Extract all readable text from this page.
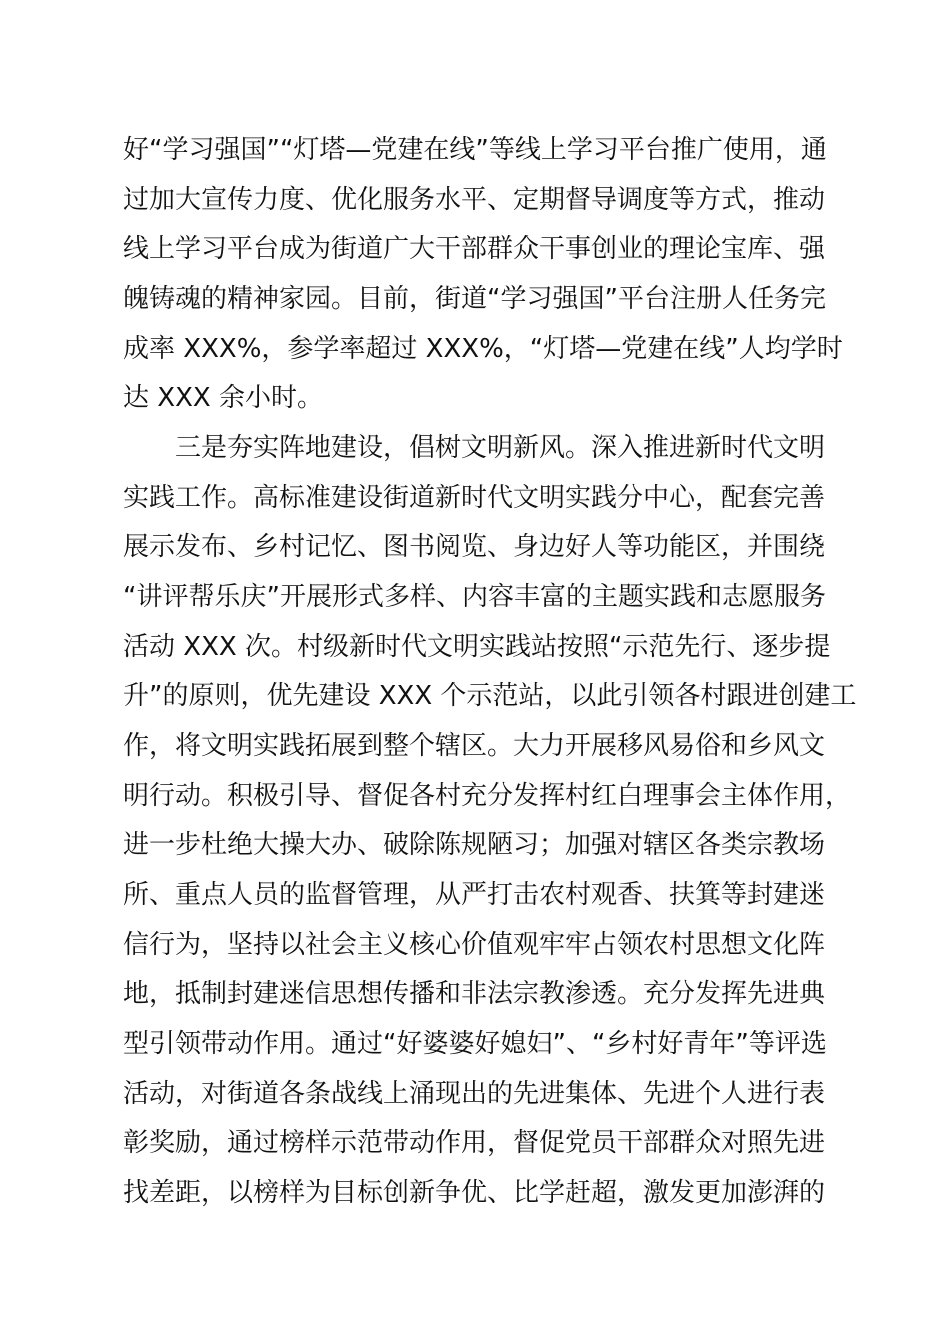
好“学习强国”“灯塔—党建在线”等线上学习平台推广使用，通
过加大宣传力度、优化服务水平、定期督导调度等方式，推动
线上学习平台成为街道广大干部群众干事创业的理论宝库、强
魄铸魂的精神家园。目前，街道“学习强国”平台注册人任务完
成率 XXX%，参学率超过 XXX%，“灯塔—党建在线”人均学时
达 XXX 余小时。
三是夯实阵地建设，倡树文明新风。深入推进新时代文明
实践工作。高标准建设街道新时代文明实践分中心，配套完善
展示发布、乡村记忆、图书阅览、身边好人等功能区，并围绕
“讲评帮乐庆”开展形式多样、内容丰富的主题实践和志愿服务
活动 XXX 次。村级新时代文明实践站按照“示范先行、逐步提
升”的原则，优先建设 XXX 个示范站，以此引领各村跟进创建工
作，将文明实践拓展到整个辖区。大力开展移风易俗和乡风文
明行动。积极引导、督促各村充分发挥村红白理事会主体作用，
进一步杜绝大操大办、破除陈规陋习；加强对辖区各类宗教场
所、重点人员的监督管理，从严打击农村观香、扶箕等封建迷
信行为，坚持以社会主义核心价值观牢牢占领农村思想文化阵
地，抵制封建迷信思想传播和非法宗教渗透。充分发挥先进典
型引领带动作用。通过“好婆婆好媳妇”、“乡村好青年”等评选
活动，对街道各条战线上涌现出的先进集体、先进个人进行表
彰奖励，通过榜样示范带动作用，督促党员干部群众对照先进
找差距，以榜样为目标创新争优、比学赶超，激发更加澎湃的
